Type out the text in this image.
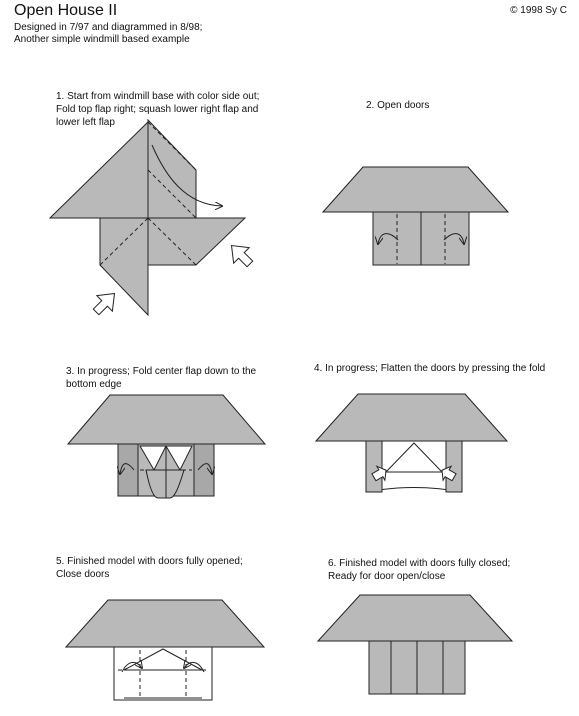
Open House II
Designed in 7/97 and diagrammed in 8/98;
Another simple windmill based example
© 1998 Sy C
1. Start from windmill base with color side out;
Fold top flap right; squash lower right flap and
lower left flap
2. Open doors
3. In progress; Fold center flap down to the
bottom edge
4. In progress; Flatten the doors by pressing the fold
5. Finished model with doors fully opened;
Close doors
6. Finished model with doors fully closed;
Ready for door open/close
